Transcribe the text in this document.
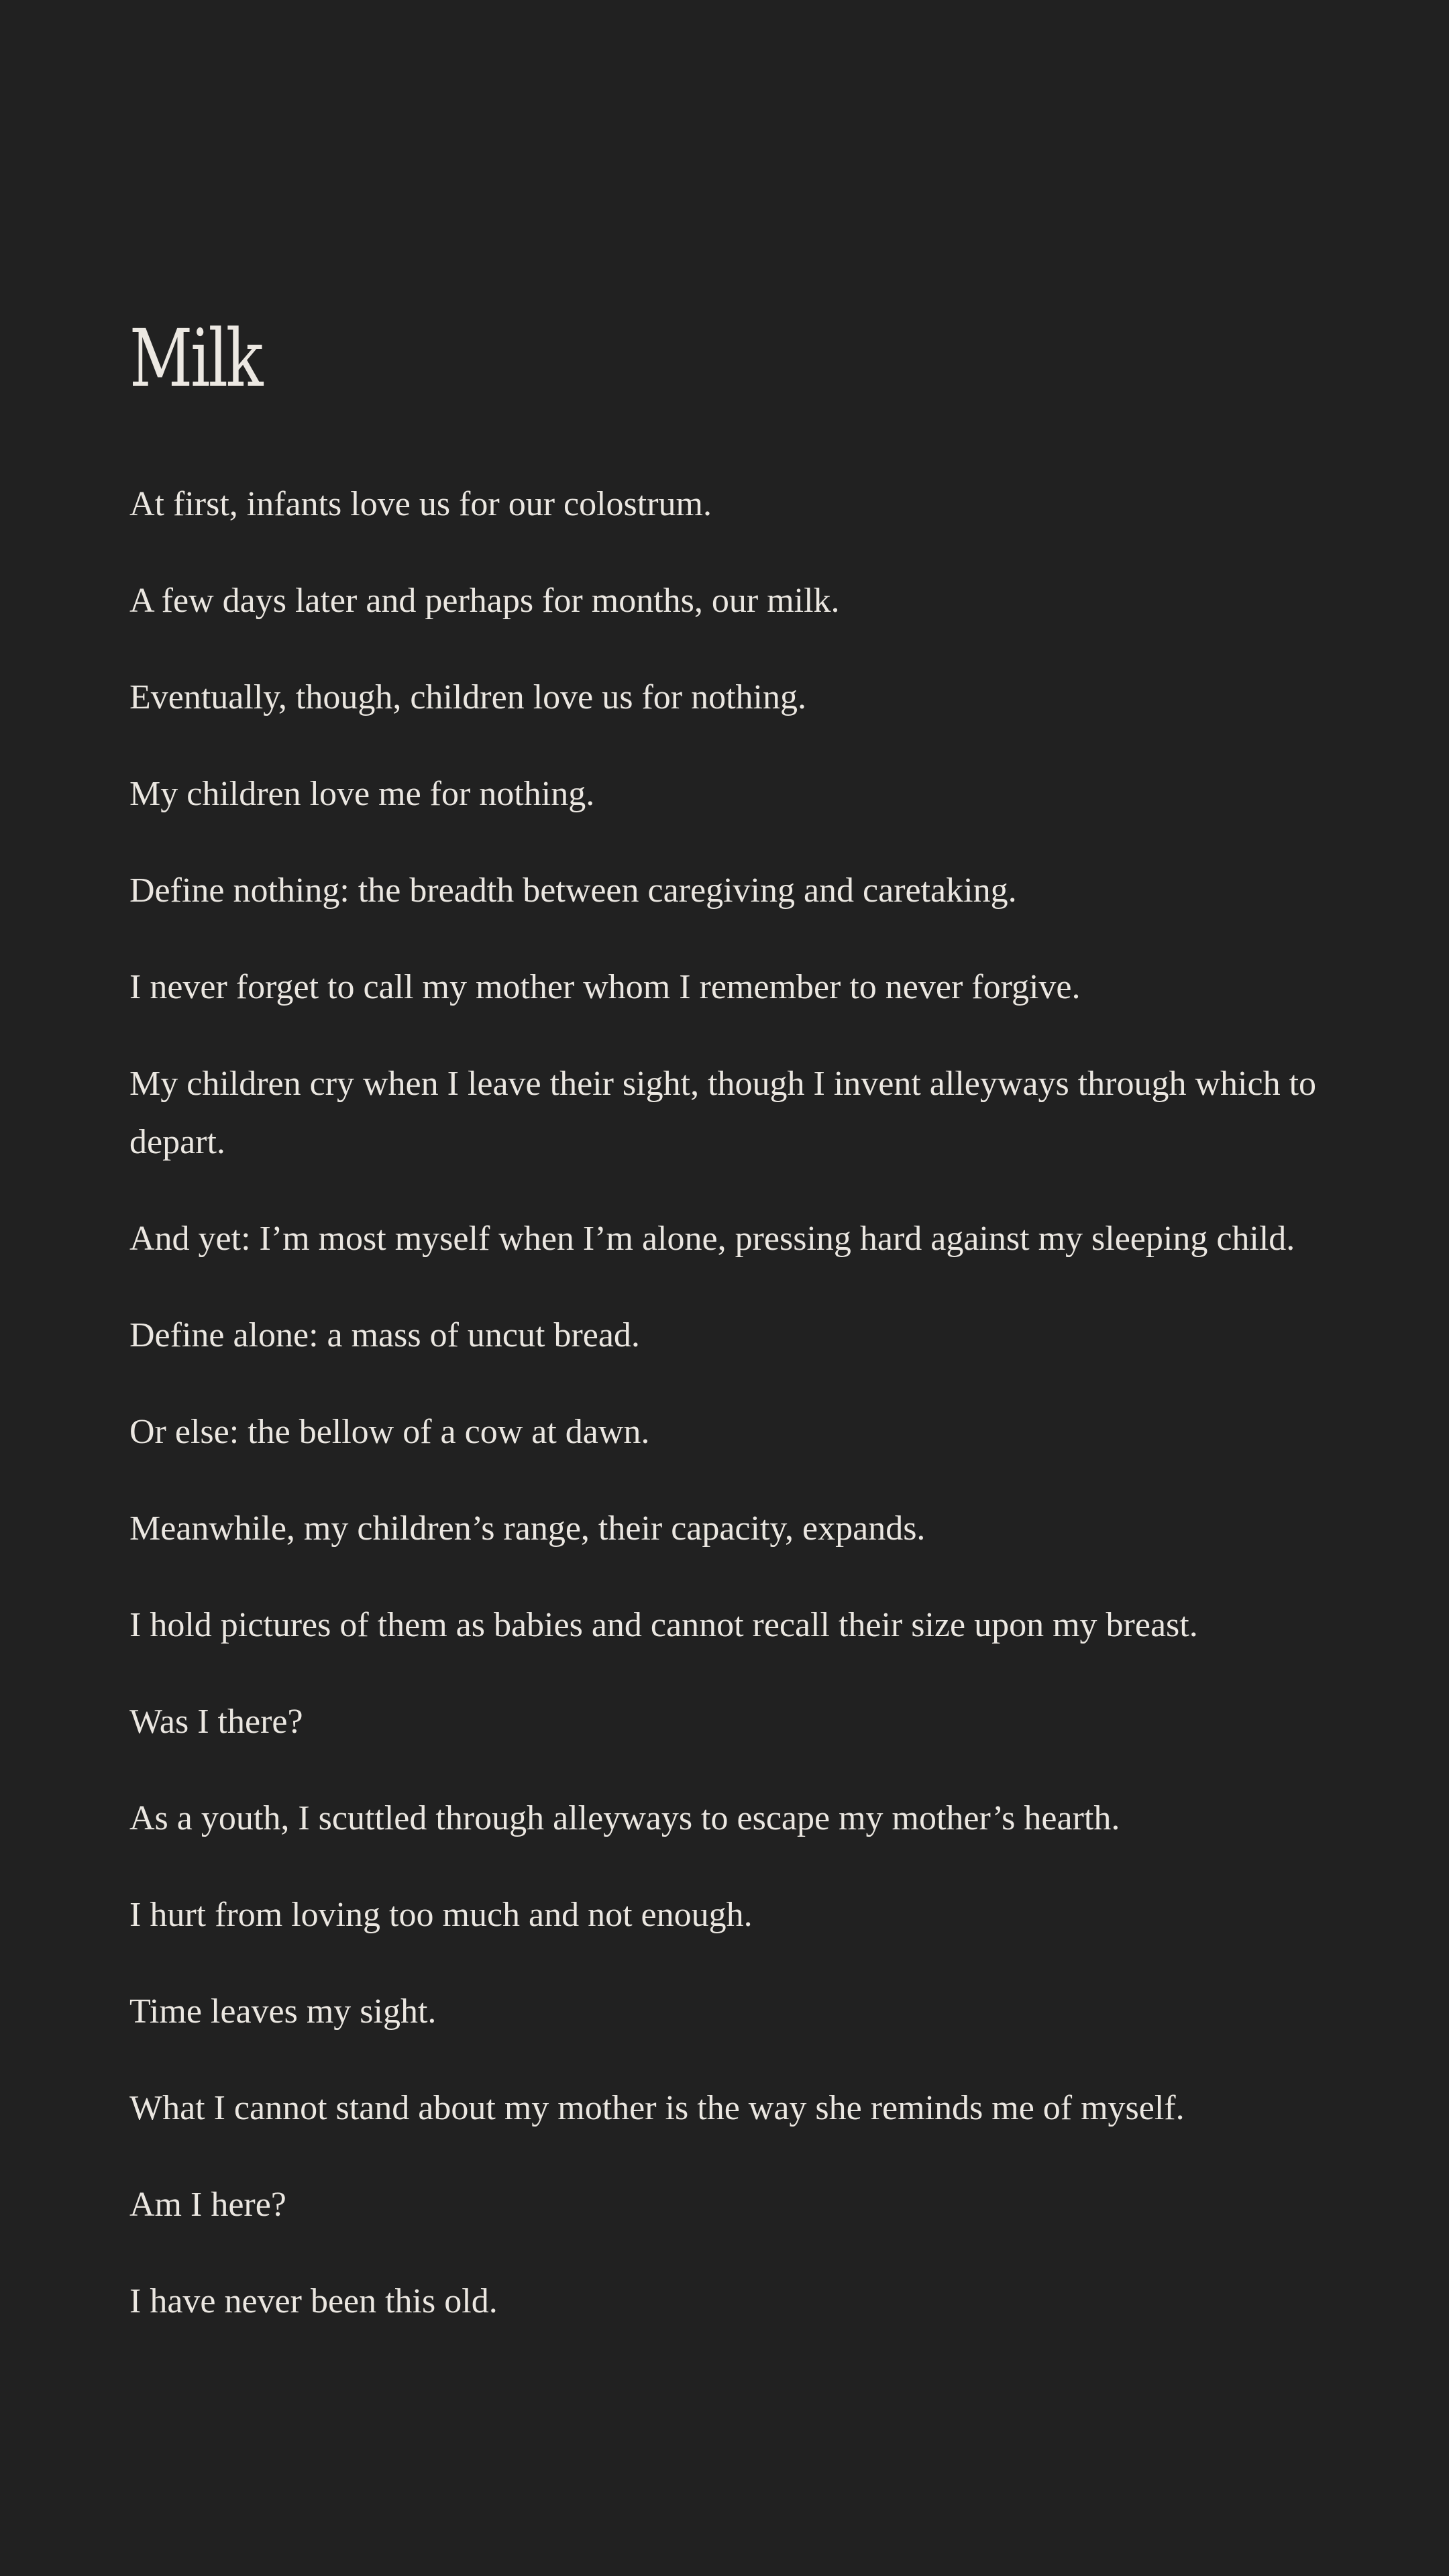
Milk
At first, infants love us for our colostrum.
A few days later and perhaps for months, our milk.
Eventually, though, children love us for nothing.
My children love me for nothing.
Define nothing: the breadth between caregiving and caretaking.
I never forget to call my mother whom I remember to never forgive.
My children cry when I leave their sight, though I invent alleyways through which to depart.
And yet: I’m most myself when I’m alone, pressing hard against my sleeping child.
Define alone: a mass of uncut bread.
Or else: the bellow of a cow at dawn.
Meanwhile, my children’s range, their capacity, expands.
I hold pictures of them as babies and cannot recall their size upon my breast.
Was I there?
As a youth, I scuttled through alleyways to escape my mother’s hearth.
I hurt from loving too much and not enough.
Time leaves my sight.
What I cannot stand about my mother is the way she reminds me of myself.
Am I here?
I have never been this old.
